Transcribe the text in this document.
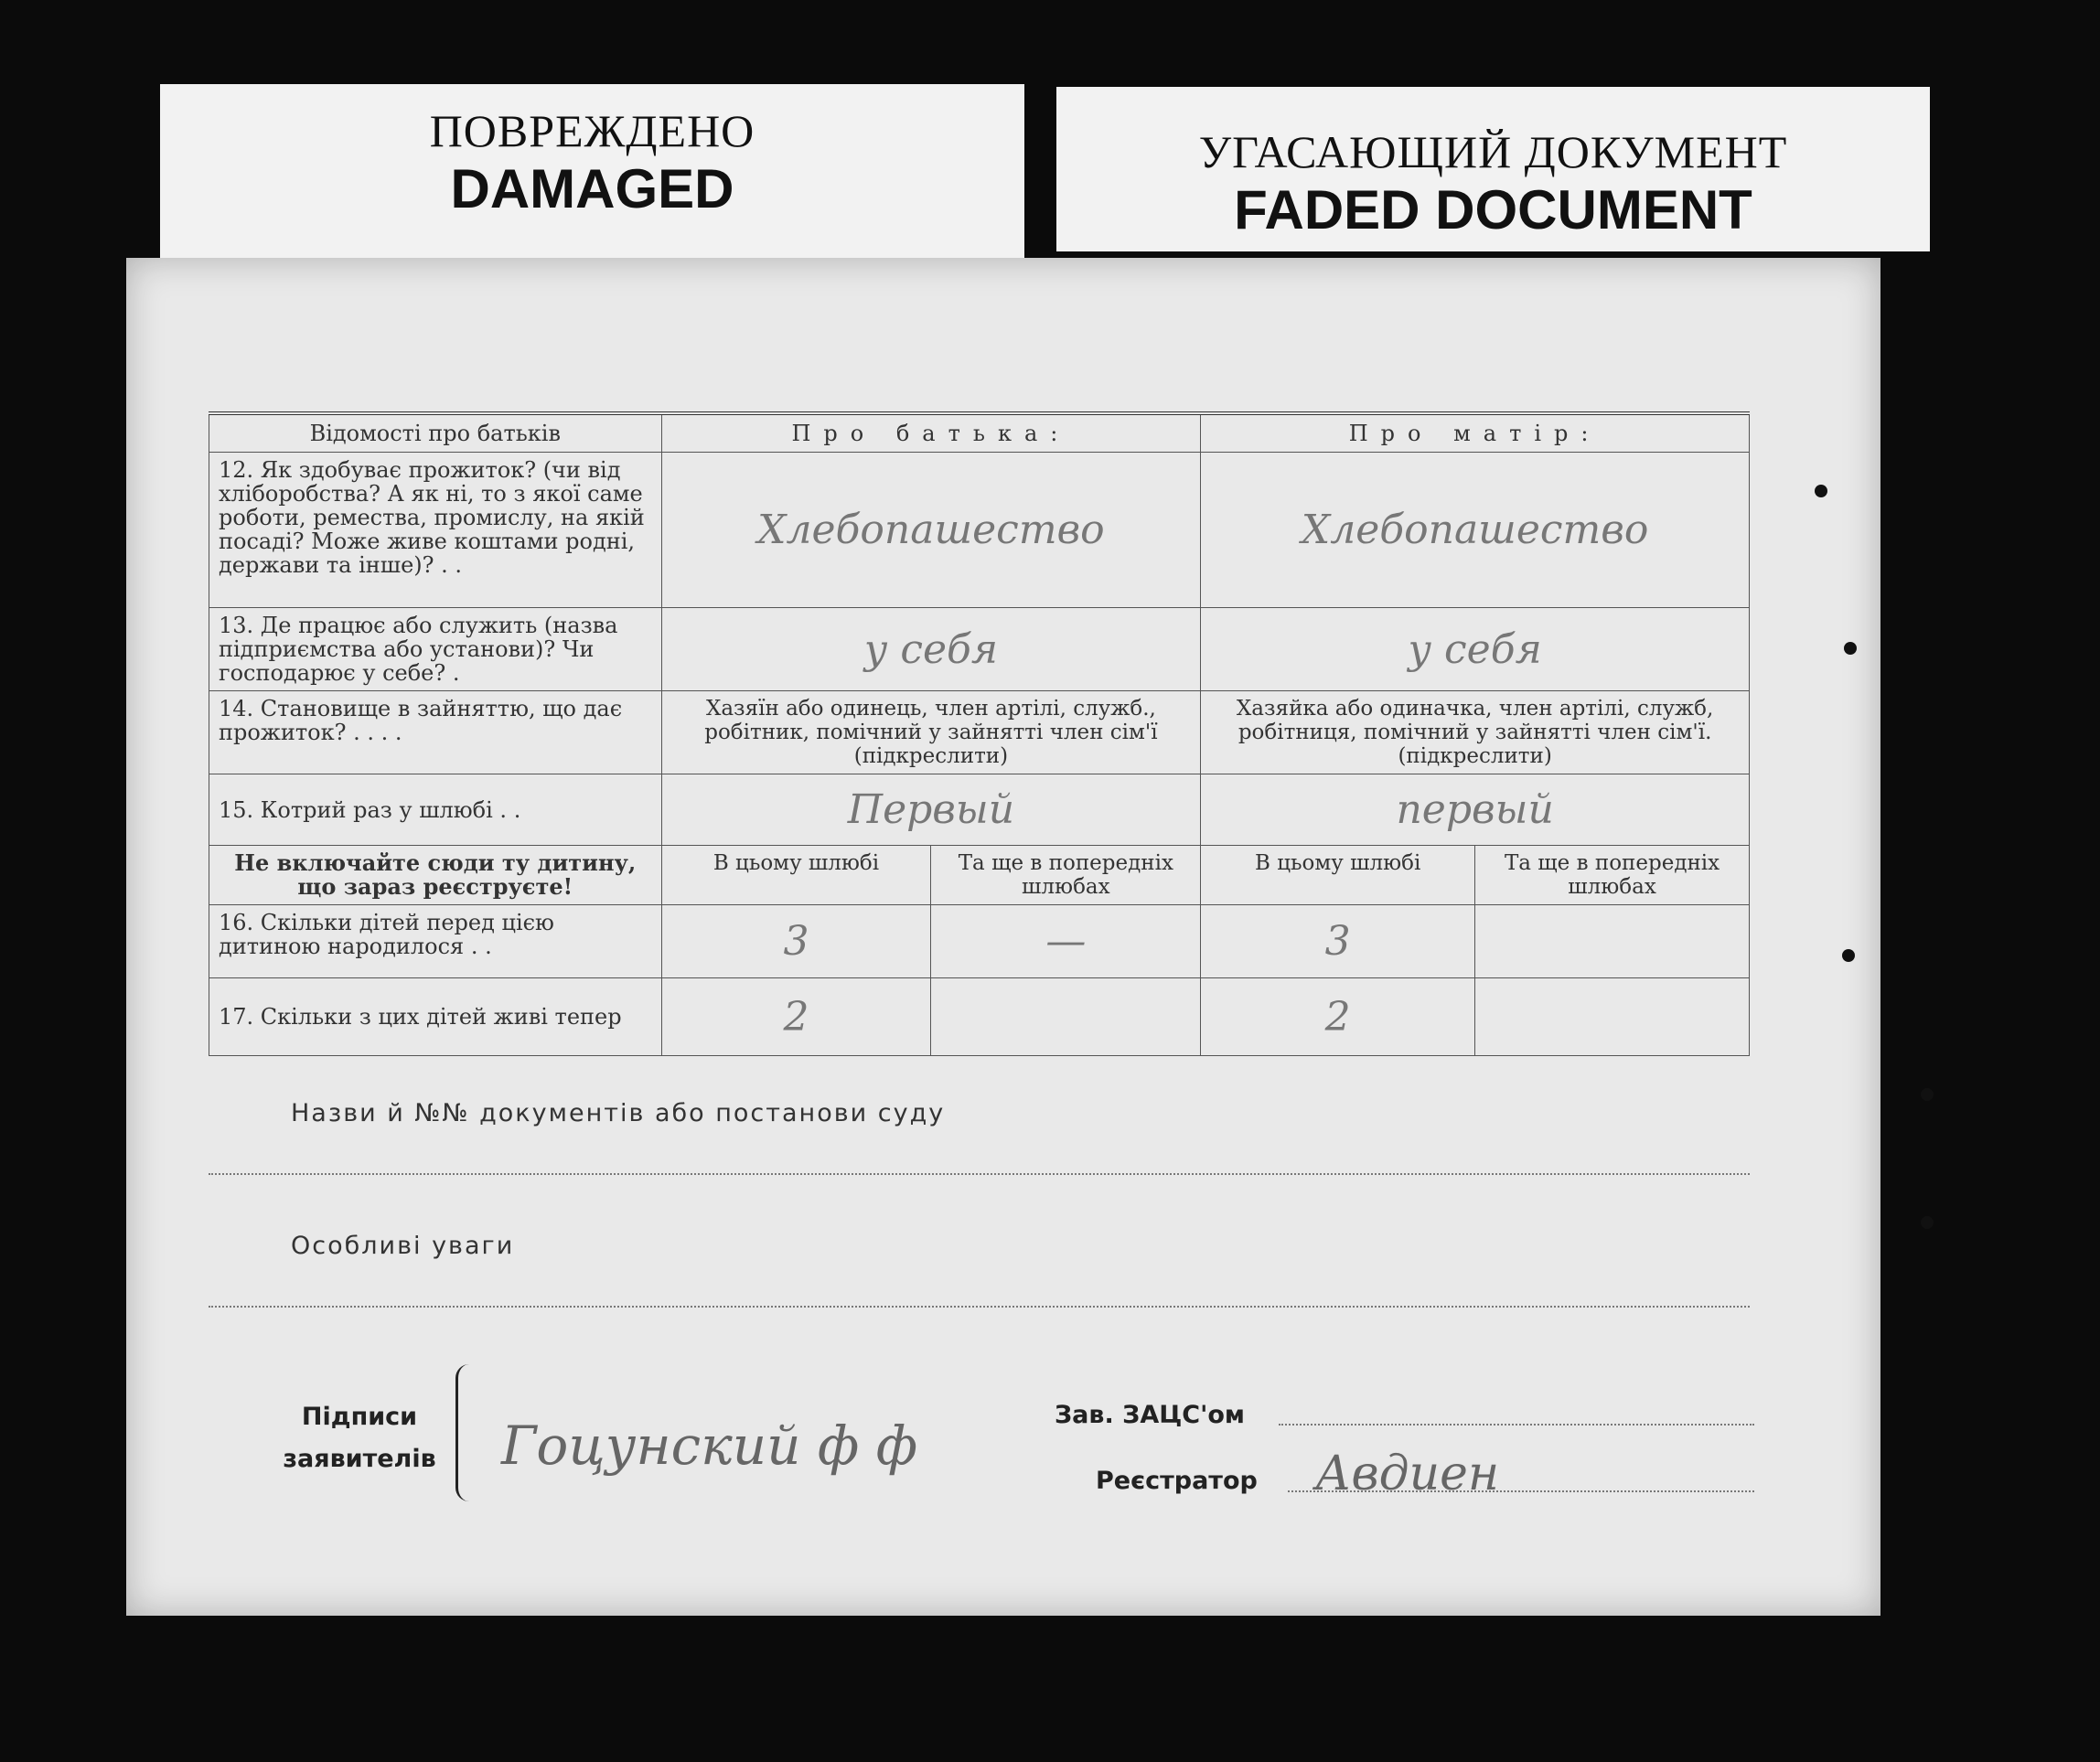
ПОВРЕЖДЕНО
DAMAGED
УГАСАЮЩИЙ ДОКУМЕНТ
FADED DOCUMENT
Відомості про батьків	Про батька:		Про матір:	
12. Як здобуває прожиток? (чи від хліборобства? А як ні, то з якої саме роботи, ремества, промислу, на якій посаді? Може живе коштами родні, держави та інше)? . .	Хлебопашество		Хлебопашество	
13. Де працює або служить (назва підприємства або установи)? Чи господарює у себе? .	у себя		у себя	
14. Становище в зайняттю, що дає прожиток? . . . .	Хазяїн або одинець, член артілі, служб., робітник, помічний у зайнятті член сім'ї (підкреслити)		Хазяйка або одиначка, член артілі, служб, робітниця, помічний у зайнятті член сім'ї. (підкреслити)	
15. Котрий раз у шлюбі . .	Первый		первый	
Не включайте сюди ту дитину, що зараз реєструєте!	В цьому шлюбі	Та ще в попередніх шлюбах	В цьому шлюбі	Та ще в попередніх шлюбах
16. Скільки дітей перед цією дитиною народилося . .	3	—	3	
17. Скільки з цих дітей живі тепер	2		2	
Назви й №№ документів або постанови суду
Особливі уваги
Підписи заявителів Гоцунский ф ф	Зав. ЗАЦС'ом
Реєстратор Авдиен
